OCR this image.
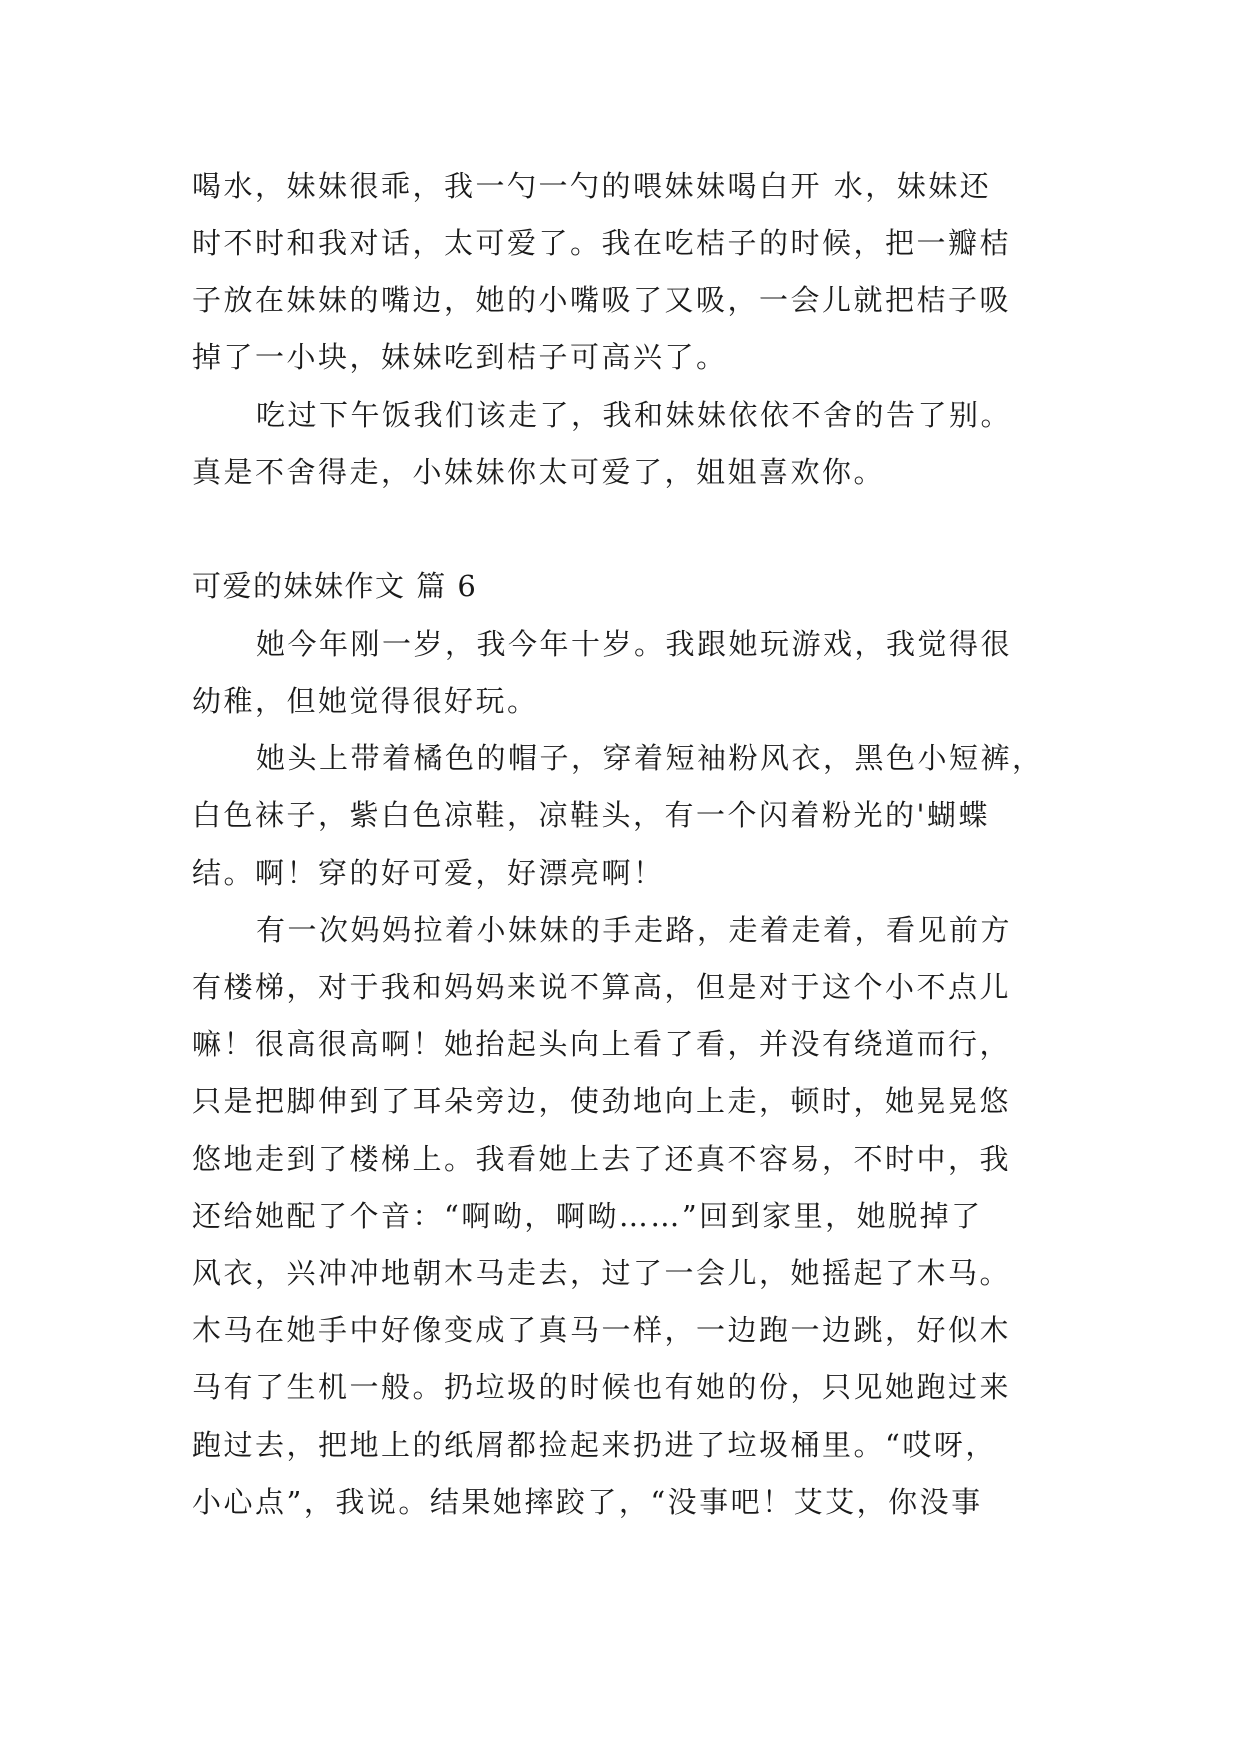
喝水，妹妹很乖，我一勺一勺的喂妹妹喝白开 水，妹妹还
时不时和我对话，太可爱了。我在吃桔子的时候，把一瓣桔
子放在妹妹的嘴边，她的小嘴吸了又吸，一会儿就把桔子吸
掉了一小块，妹妹吃到桔子可高兴了。
吃过下午饭我们该走了，我和妹妹依依不舍的告了别。
真是不舍得走，小妹妹你太可爱了，姐姐喜欢你。
可爱的妹妹作文 篇 6
她今年刚一岁，我今年十岁。我跟她玩游戏，我觉得很
幼稚，但她觉得很好玩。
她头上带着橘色的帽子，穿着短袖粉风衣，黑色小短裤，
白色袜子，紫白色凉鞋，凉鞋头，有一个闪着粉光的'蝴蝶
结。啊！穿的好可爱，好漂亮啊！
有一次妈妈拉着小妹妹的手走路，走着走着，看见前方
有楼梯，对于我和妈妈来说不算高，但是对于这个小不点儿
嘛！很高很高啊！她抬起头向上看了看，并没有绕道而行，
只是把脚伸到了耳朵旁边，使劲地向上走，顿时，她晃晃悠
悠地走到了楼梯上。我看她上去了还真不容易，不时中，我
还给她配了个音：“啊呦，啊呦……”回到家里，她脱掉了
风衣，兴冲冲地朝木马走去，过了一会儿，她摇起了木马。
木马在她手中好像变成了真马一样，一边跑一边跳，好似木
马有了生机一般。扔垃圾的时候也有她的份，只见她跑过来
跑过去，把地上的纸屑都捡起来扔进了垃圾桶里。“哎呀，
小心点”，我说。结果她摔跤了，“没事吧！艾艾，你没事
